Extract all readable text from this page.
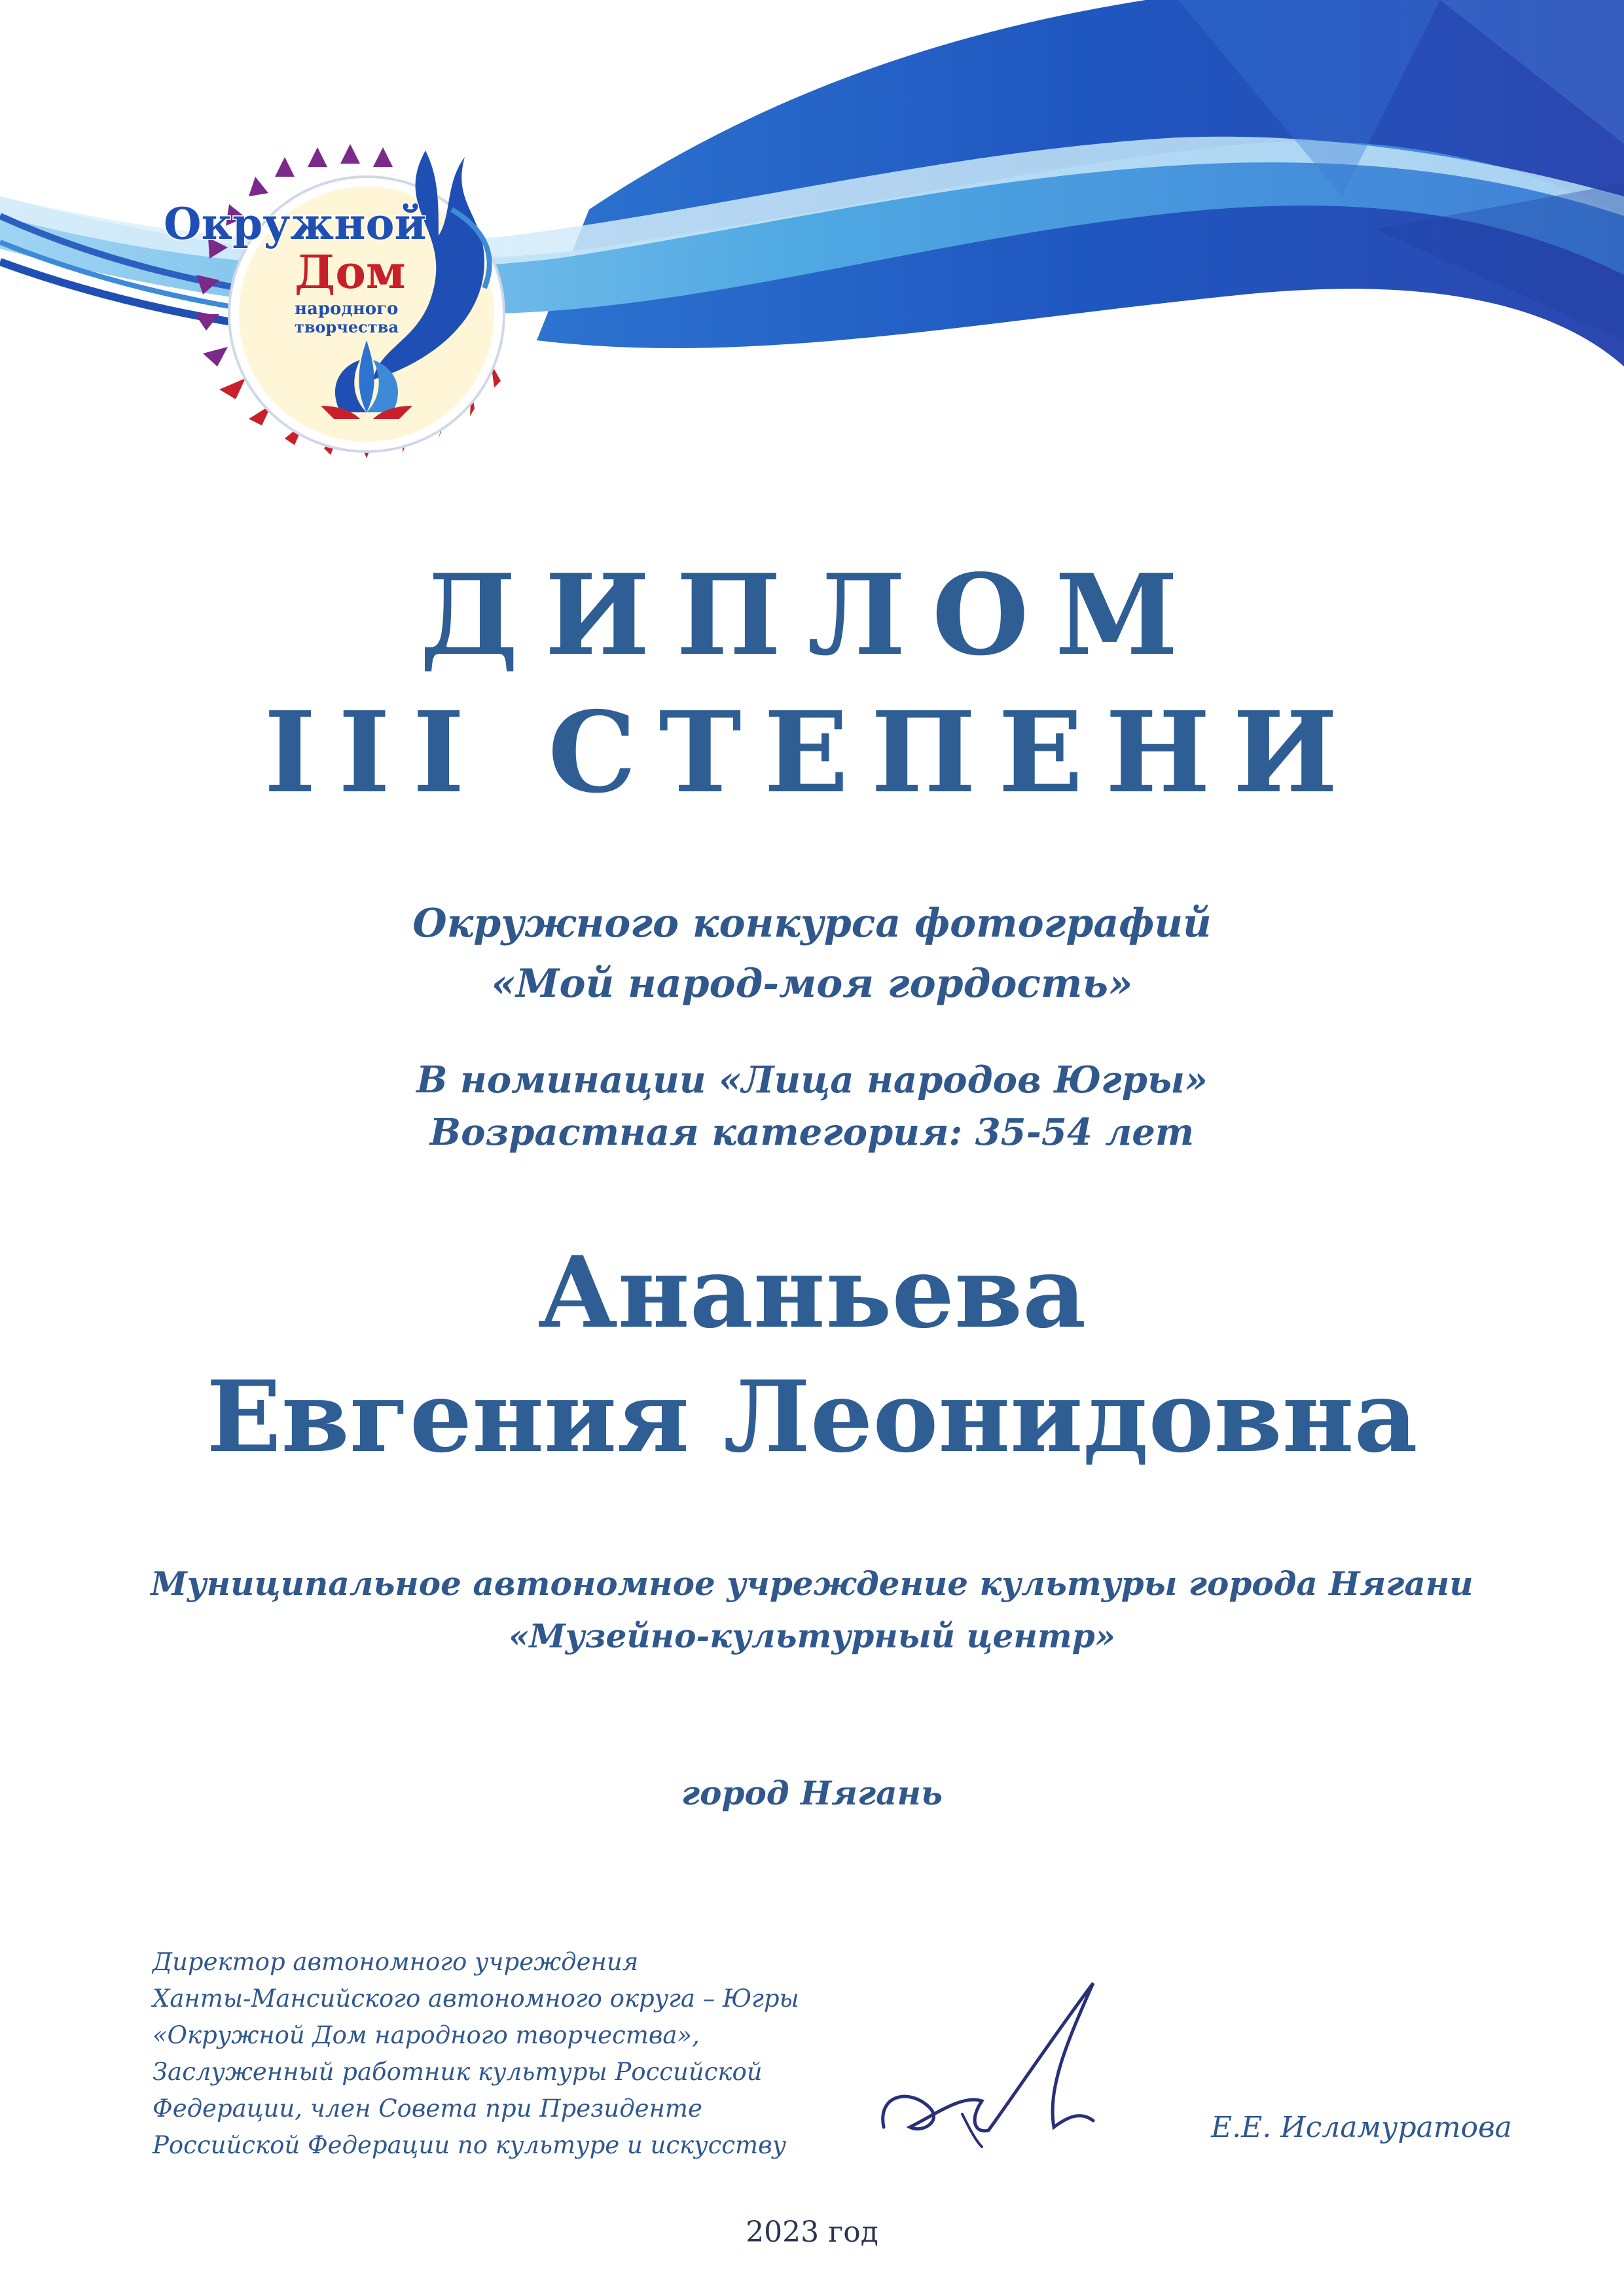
Окружной
Дом
народного
творчества
ДИПЛОМ
III СТЕПЕНИ
Окружного конкурса фотографий
«Мой народ-моя гордость»
В номинации «Лица народов Югры»
Возрастная категория: 35-54 лет
Ананьева
Евгения Леонидовна
Муниципальное автономное учреждение культуры города Нягани
«Музейно-культурный центр»
город Нягань
Директор автономного учреждения
Ханты-Мансийского автономного округа – Югры
«Окружной Дом народного творчества»,
Заслуженный работник культуры Российской
Федерации, член Совета при Президенте
Российской Федерации по культуре и искусству
Е.Е. Исламуратова
2023 год
